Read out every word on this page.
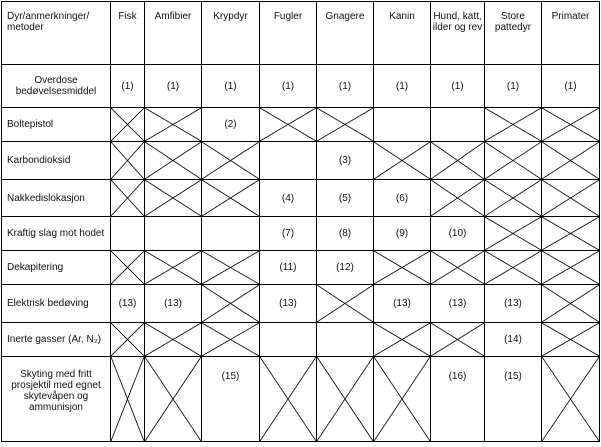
Dyr/anmerkninger/ metoder	Fisk	Amfibier	Krypdyr	Fugler	Gnagere	Kanin	Hund, katt, ilder og rev	Store pattedyr	Primater
Overdose bedøvelsesmiddel	(1)	(1)	(1)	(1)	(1)	(1)	(1)	(1)	(1)
Boltepistol			(2)	

Karbondioksid					(3)	

Nakkedislokasjon				(4)	(5)	(6)	

Kraftig slag mot hodet				(7)	(8)	(9)	(10)	

Dekapitering				(11)	(12)	

Elektrisk bedøving	(13)	(13)		(13)		(13)	(13)	(13)	

Inerte gasser (Ar, N₂)								(14)	

Skyting med fritt prosjektil med egnet skytevåpen og ammunisjon			(15)				(16)	(15)	
